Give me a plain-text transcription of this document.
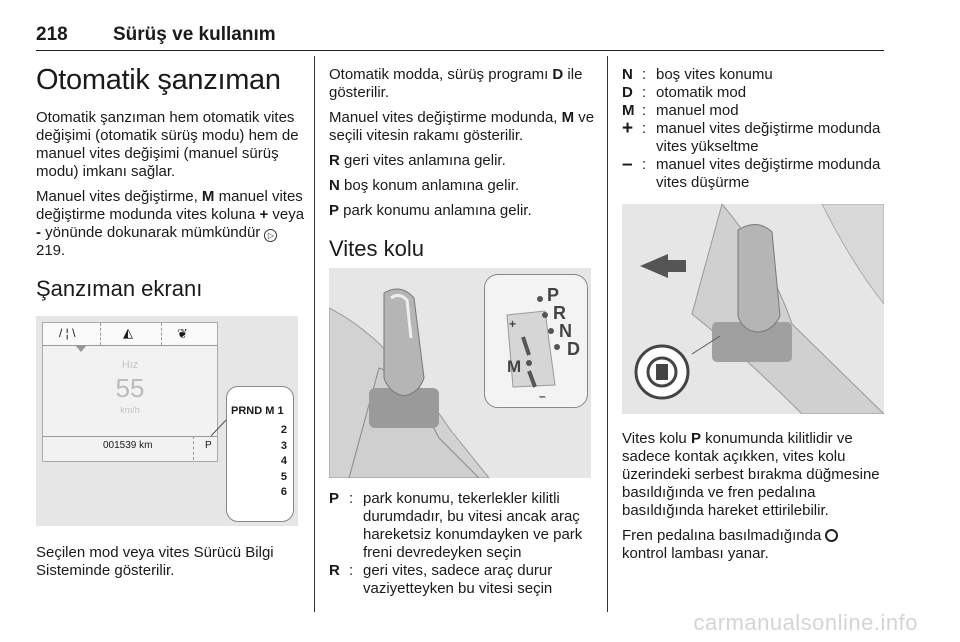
218 Sürüş ve kullanım
Otomatik şanzıman

Otomatik şanzıman hem otomatik vites değişimi (otomatik sürüş modu) hem de manuel vites değişimi (manuel sürüş modu) imkanı sağlar.

Manuel vites değiştirme, M manuel vites değiştirme modunda vites koluna + veya - yönünde dokunarak mümkündür ▷ 219.

Şanzıman ekranı
/ ¦ \	◭	❦
Hız
55
km/h
001539 km	P
PRND M 1
2
3
4
5
6

Seçilen mod veya vites Sürücü Bilgi Sisteminde gösterilir.

Otomatik modda, sürüş programı D ile gösterilir.

Manuel vites değiştirme modunda, M ve seçili vitesin rakamı gösterilir.

R geri vites anlamına gelir.

N boş konum anlamına gelir.

P park konumu anlamına gelir.

Vites kolu
P
R
N
D
M
+
–
P : park konumu, tekerlekler kilitli durumdadır, bu vitesi ancak araç hareketsiz konumdayken ve park freni devredeyken seçin
R : geri vites, sadece araç durur vaziyetteyken bu vitesi seçin
N : boş vites konumu
D : otomatik mod
M : manuel mod
+ : manuel vites değiştirme modunda vites yükseltme
– : manuel vites değiştirme modunda vites düşürme

Vites kolu P konumunda kilitlidir ve sadece kontak açıkken, vites kolu üzerindeki serbest bırakma düğmesine basıldığında ve fren pedalına basıldığında hareket ettirilebilir.

Fren pedalına basılmadığında  kontrol lambası yanar.

carmanualsonline.info
